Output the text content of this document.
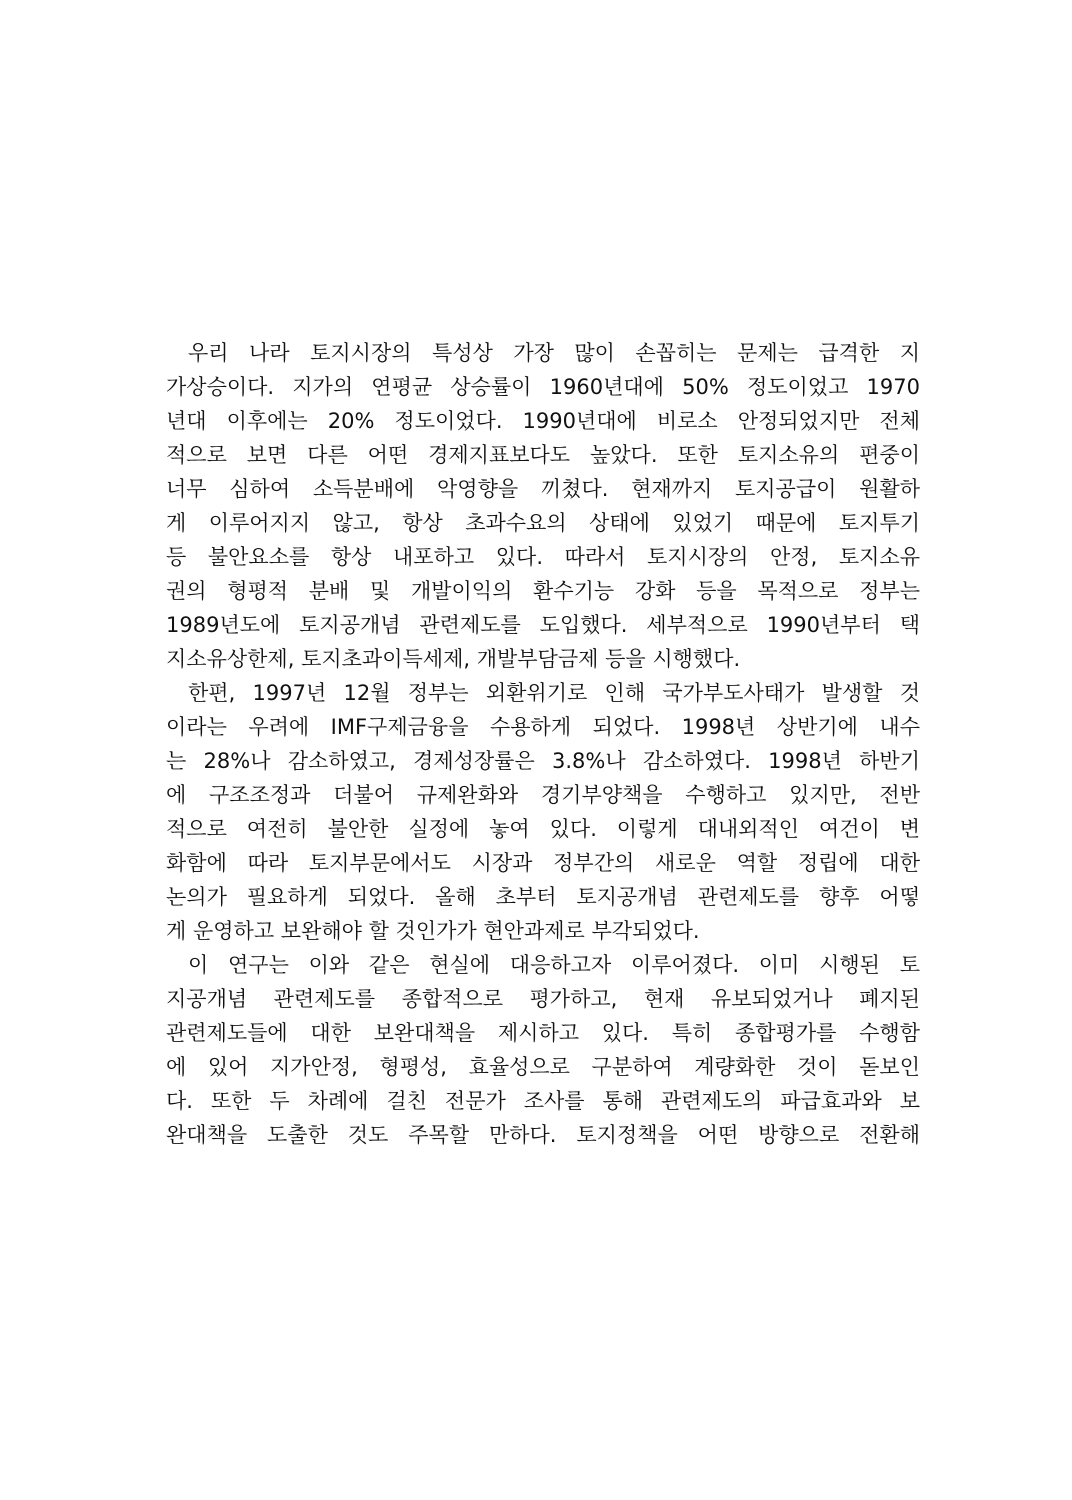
우리 나라 토지시장의 특성상 가장 많이 손꼽히는 문제는 급격한 지
가상승이다. 지가의 연평균 상승률이 1960년대에 50% 정도이었고 1970
년대 이후에는 20% 정도이었다. 1990년대에 비로소 안정되었지만 전체
적으로 보면 다른 어떤 경제지표보다도 높았다. 또한 토지소유의 편중이
너무 심하여 소득분배에 악영향을 끼쳤다. 현재까지 토지공급이 원활하
게 이루어지지 않고, 항상 초과수요의 상태에 있었기 때문에 토지투기
등 불안요소를 항상 내포하고 있다. 따라서 토지시장의 안정, 토지소유
권의 형평적 분배 및 개발이익의 환수기능 강화 등을 목적으로 정부는
1989년도에 토지공개념 관련제도를 도입했다. 세부적으로 1990년부터 택
지소유상한제, 토지초과이득세제, 개발부담금제 등을 시행했다.
한편, 1997년 12월 정부는 외환위기로 인해 국가부도사태가 발생할 것
이라는 우려에 IMF구제금융을 수용하게 되었다. 1998년 상반기에 내수
는 28%나 감소하였고, 경제성장률은 3.8%나 감소하였다. 1998년 하반기
에 구조조정과 더불어 규제완화와 경기부양책을 수행하고 있지만, 전반
적으로 여전히 불안한 실정에 놓여 있다. 이렇게 대내외적인 여건이 변
화함에 따라 토지부문에서도 시장과 정부간의 새로운 역할 정립에 대한
논의가 필요하게 되었다. 올해 초부터 토지공개념 관련제도를 향후 어떻
게 운영하고 보완해야 할 것인가가 현안과제로 부각되었다.
이 연구는 이와 같은 현실에 대응하고자 이루어졌다. 이미 시행된 토
지공개념 관련제도를 종합적으로 평가하고, 현재 유보되었거나 폐지된
관련제도들에 대한 보완대책을 제시하고 있다. 특히 종합평가를 수행함
에 있어 지가안정, 형평성, 효율성으로 구분하여 계량화한 것이 돋보인
다. 또한 두 차례에 걸친 전문가 조사를 통해 관련제도의 파급효과와 보
완대책을 도출한 것도 주목할 만하다. 토지정책을 어떤 방향으로 전환해
